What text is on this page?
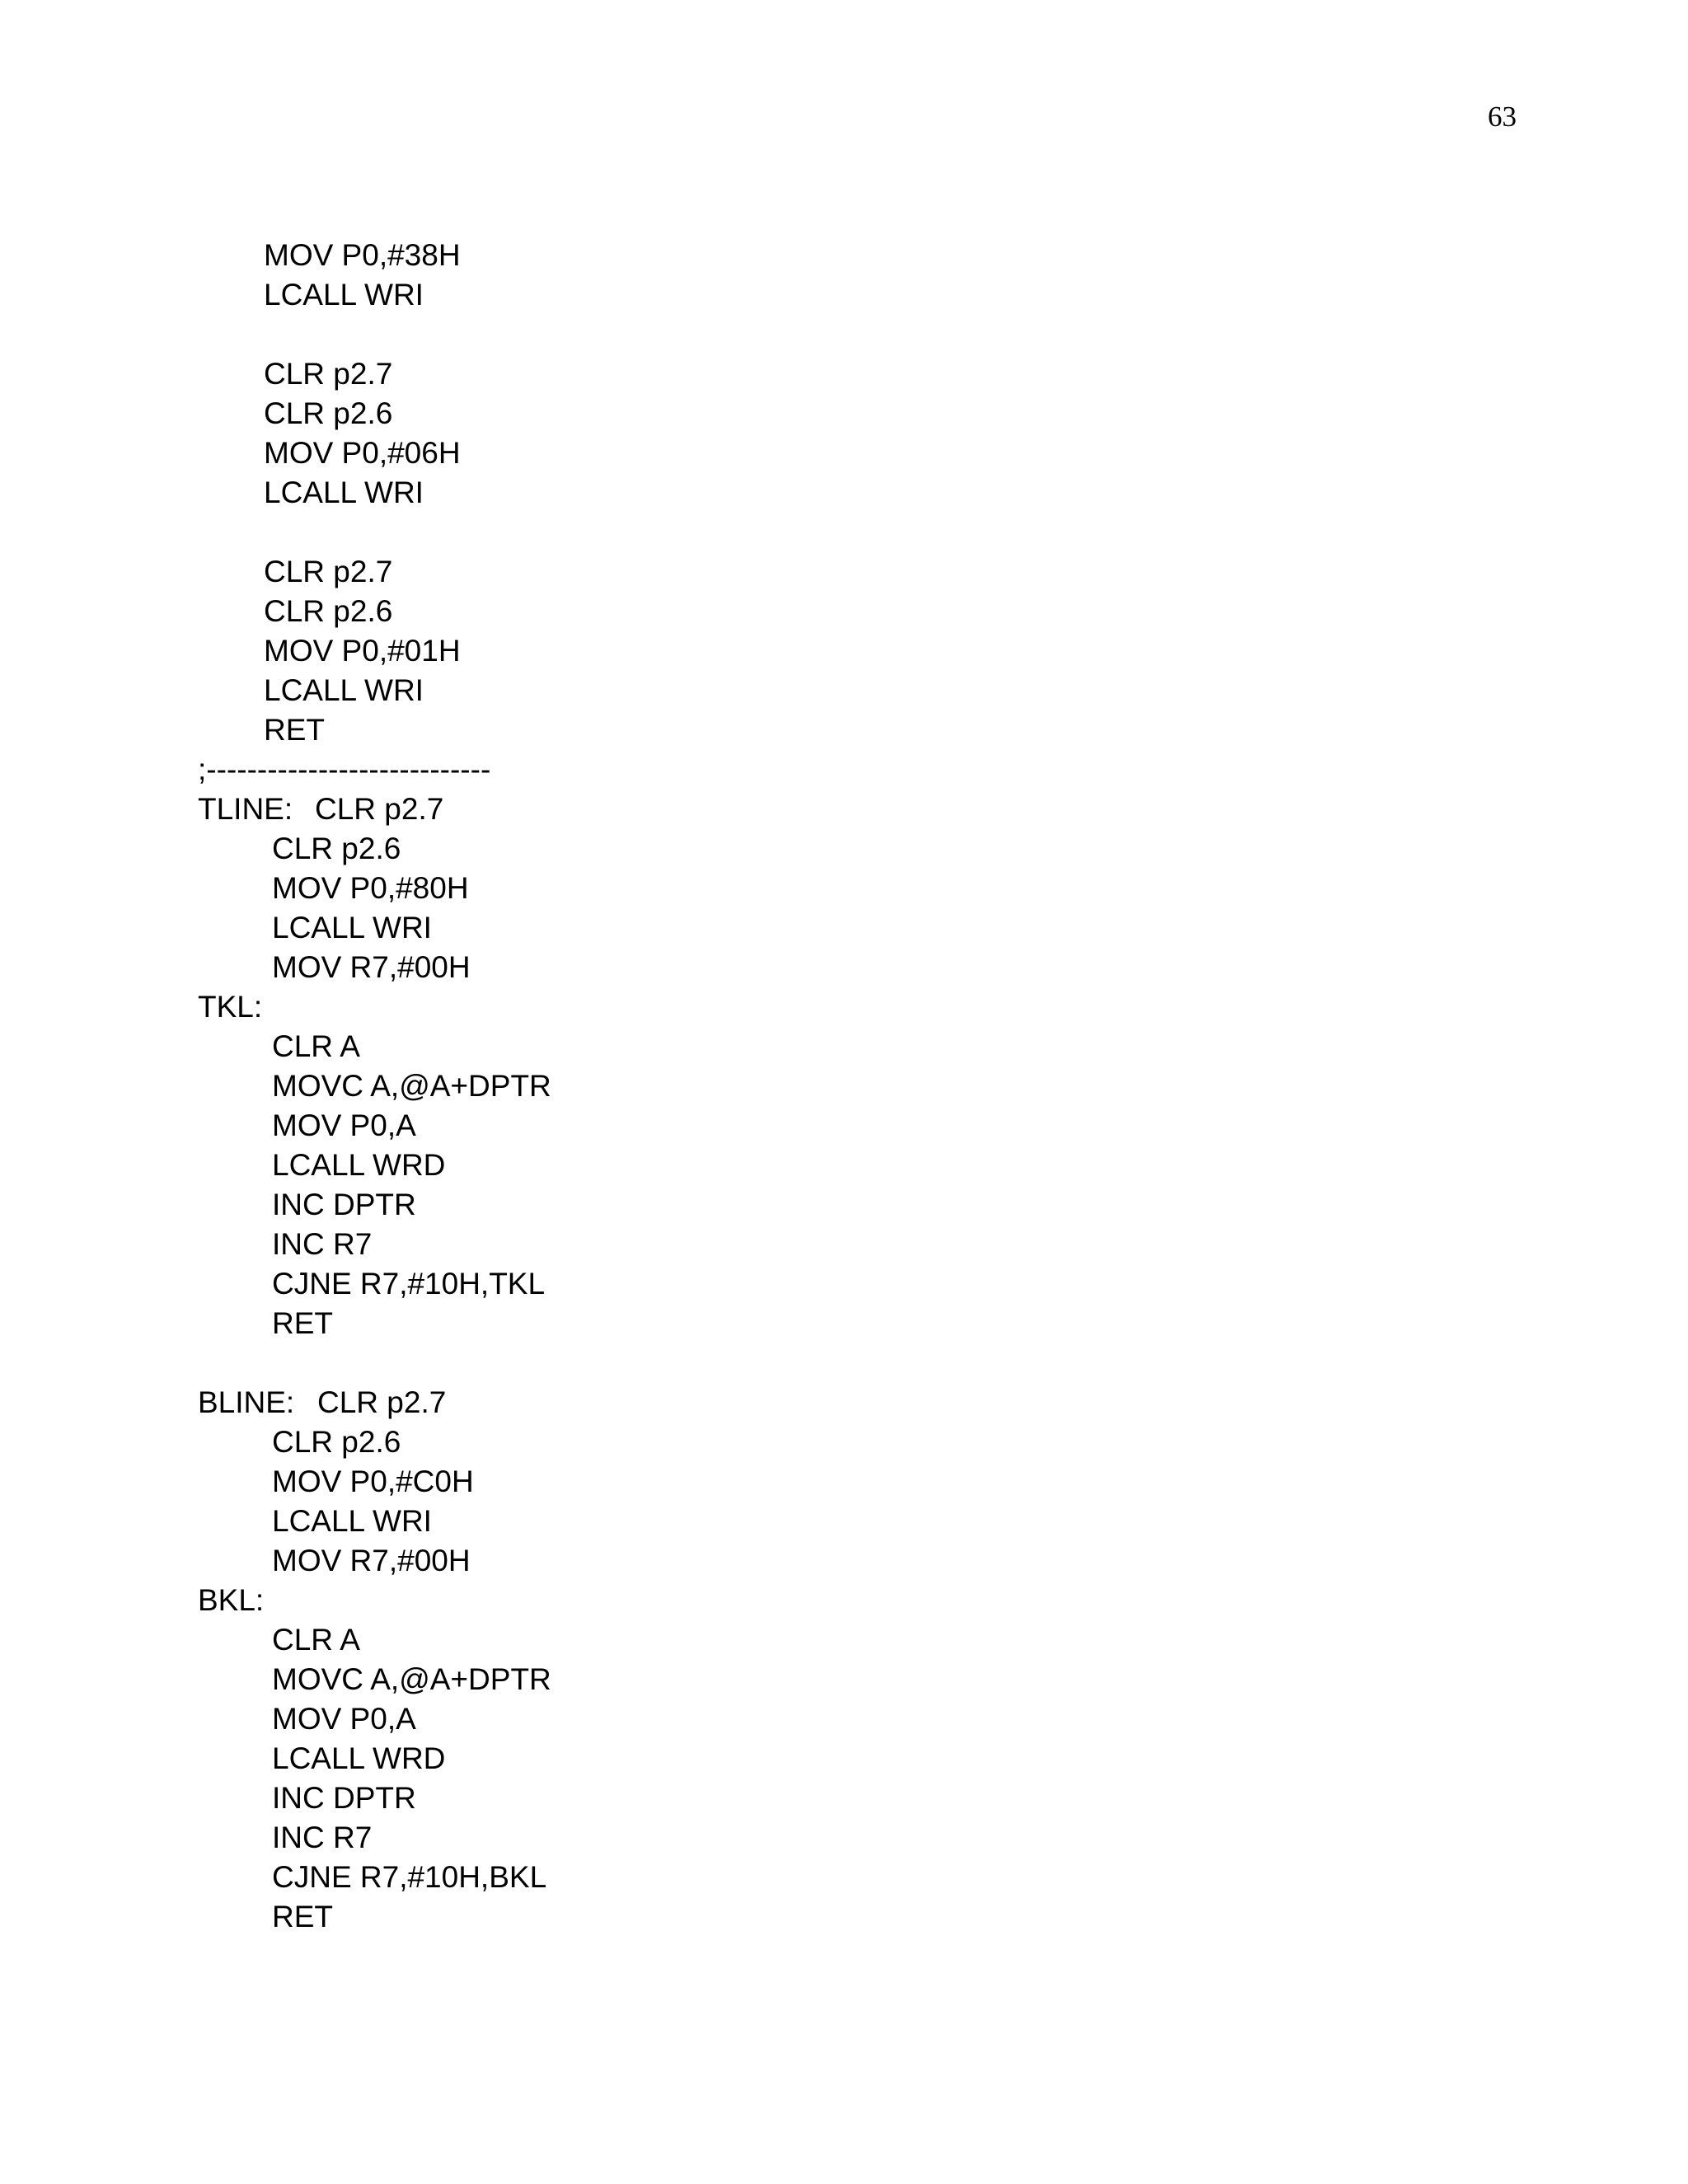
63
MOV P0,#38H
LCALL WRI
CLR p2.7
CLR p2.6
MOV P0,#06H
LCALL WRI
CLR p2.7
CLR p2.6
MOV P0,#01H
LCALL WRI
RET
;----------------------------
TLINE: CLR p2.7
CLR p2.6
MOV P0,#80H
LCALL WRI
MOV R7,#00H
TKL:
CLR A
MOVC A,@A+DPTR
MOV P0,A
LCALL WRD
INC DPTR
INC R7
CJNE R7,#10H,TKL
RET
BLINE: CLR p2.7
CLR p2.6
MOV P0,#C0H
LCALL WRI
MOV R7,#00H
BKL:
CLR A
MOVC A,@A+DPTR
MOV P0,A
LCALL WRD
INC DPTR
INC R7
CJNE R7,#10H,BKL
RET
